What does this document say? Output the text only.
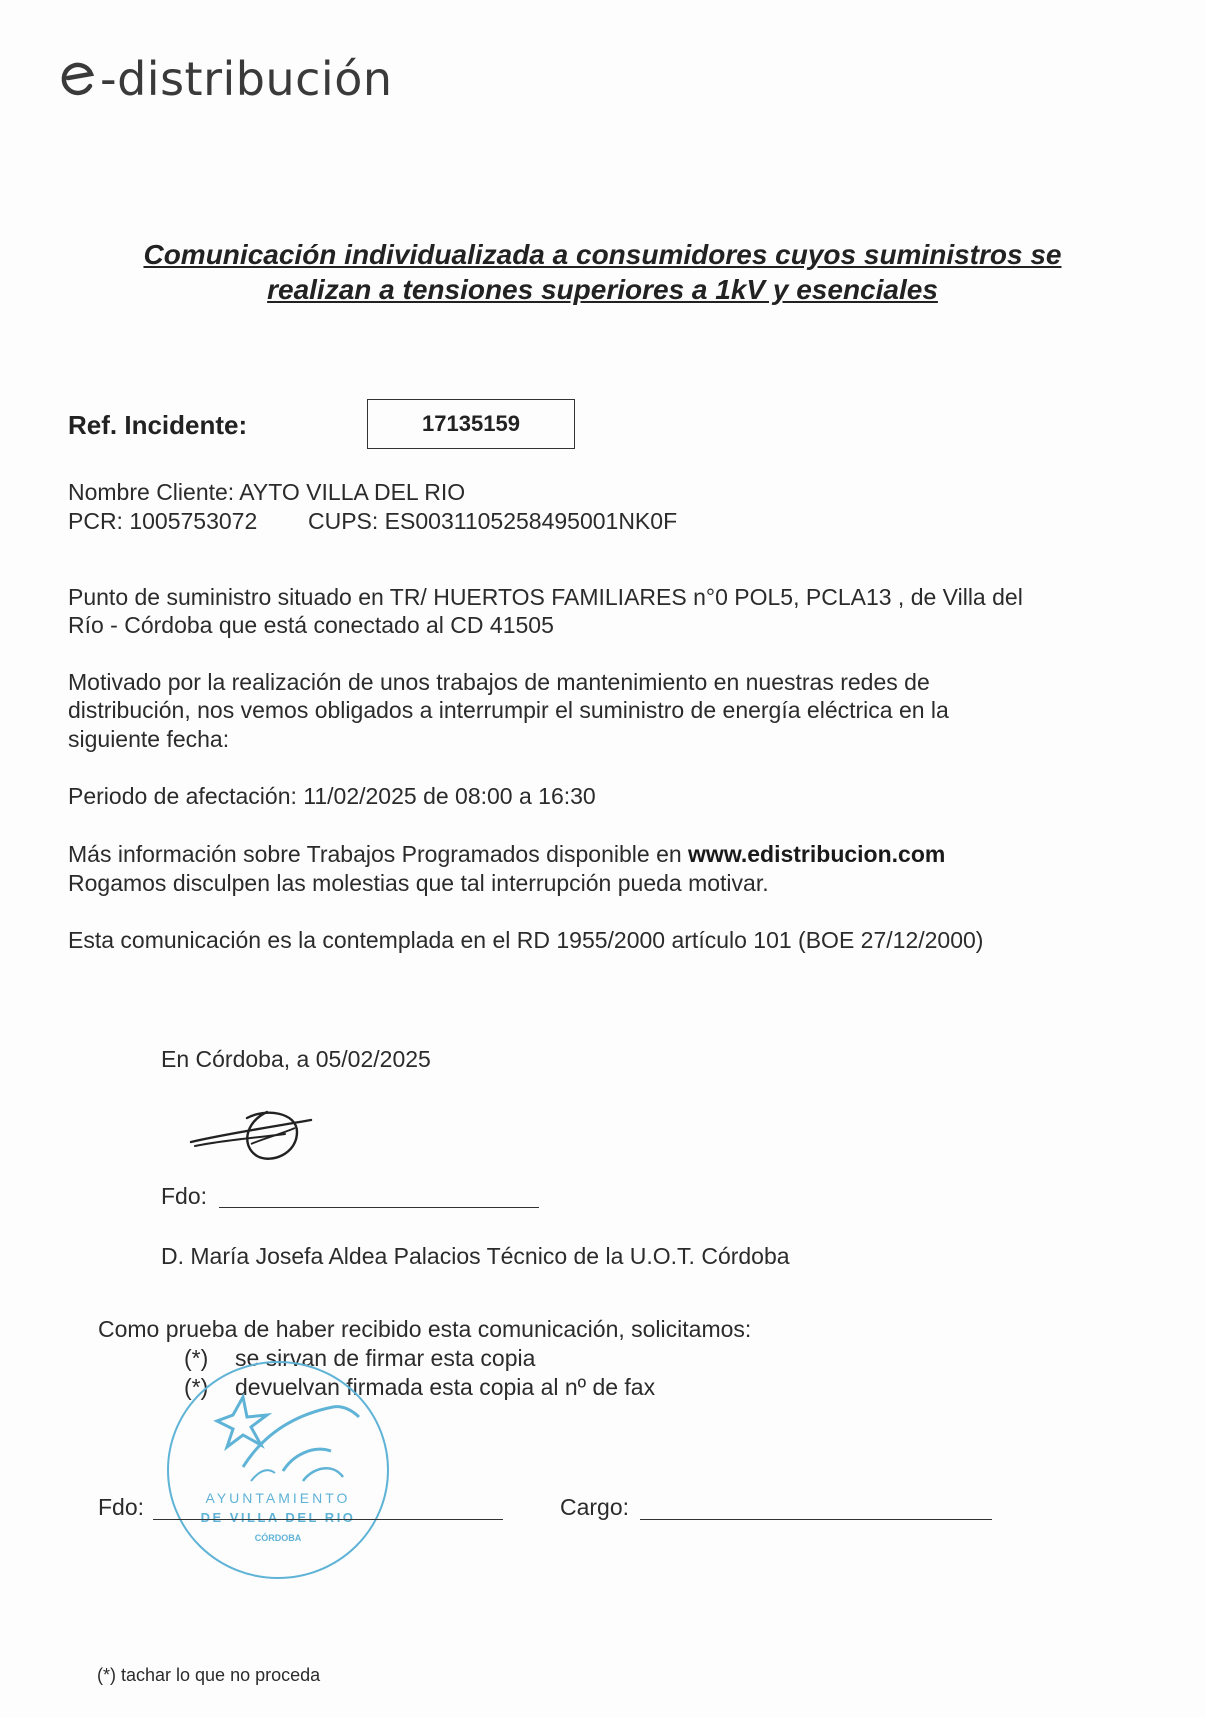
-distribución
Comunicación individualizada a consumidores cuyos suministros se
realizan a tensiones superiores a 1kV y esenciales
Ref. Incidente:	17135159
Nombre Cliente: AYTO VILLA DEL RIO
PCR: 1005753072 CUPS: ES0031105258495001NK0F
Punto de suministro situado en TR/ HUERTOS FAMILIARES n°0 POL5, PCLA13 , de Villa del
Río - Córdoba que está conectado al CD 41505
Motivado por la realización de unos trabajos de mantenimiento en nuestras redes de
distribución, nos vemos obligados a interrumpir el suministro de energía eléctrica en la
siguiente fecha:
Periodo de afectación: 11/02/2025 de 08:00 a 16:30
Más información sobre Trabajos Programados disponible en www.edistribucion.com
Rogamos disculpen las molestias que tal interrupción pueda motivar.
Esta comunicación es la contemplada en el RD 1955/2000 artículo 101 (BOE 27/12/2000)
En Córdoba, a 05/02/2025
Fdo:
D. María Josefa Aldea Palacios Técnico de la U.O.T. Córdoba
Como prueba de haber recibido esta comunicación, solicitamos:
(*) se sirvan de firmar esta copia
(*) devuelvan firmada esta copia al nº de fax
AYUNTAMIENTO
DE VILLA DEL RIO
CÓRDOBA
Fdo:	Cargo:
(*) tachar lo que no proceda
